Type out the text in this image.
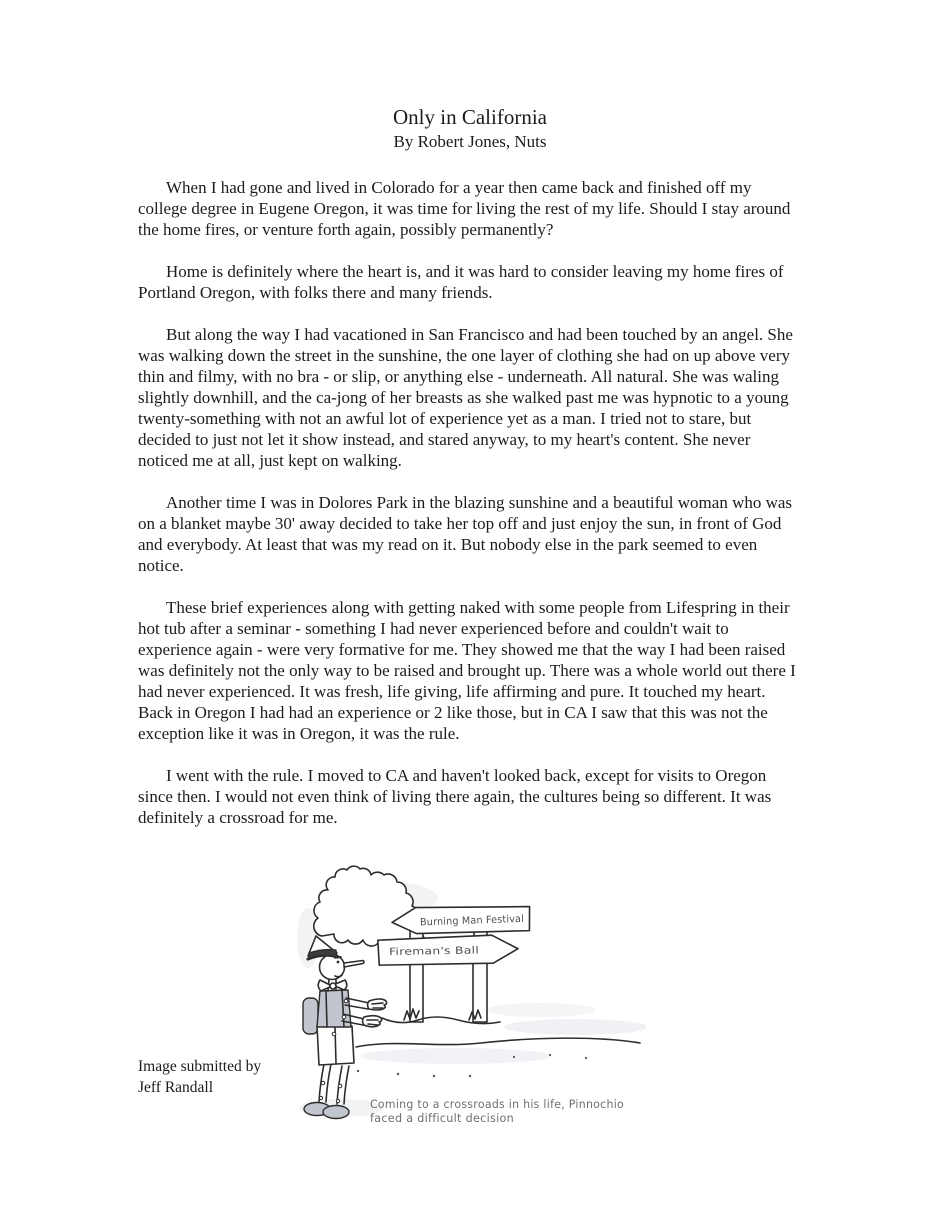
Only in California
By Robert Jones, Nuts

When I had gone and lived in Colorado for a year then came back and finished off my college degree in Eugene Oregon, it was time for living the rest of my life. Should I stay around the home fires, or venture forth again, possibly permanently?

Home is definitely where the heart is, and it was hard to consider leaving my home fires of Portland Oregon, with folks there and many friends.

But along the way I had vacationed in San Francisco and had been touched by an angel. She was walking down the street in the sunshine, the one layer of clothing she had on up above very thin and filmy, with no bra - or slip, or anything else - underneath. All natural. She was waling slightly downhill, and the ca-jong of her breasts as she walked past me was hypnotic to a young twenty-something with not an awful lot of experience yet as a man. I tried not to stare, but decided to just not let it show instead, and stared anyway, to my heart's content. She never noticed me at all, just kept on walking.

Another time I was in Dolores Park in the blazing sunshine and a beautiful woman who was on a blanket maybe 30' away decided to take her top off and just enjoy the sun, in front of God and everybody. At least that was my read on it. But nobody else in the park seemed to even notice.

These brief experiences along with getting naked with some people from Lifespring in their hot tub after a seminar - something I had never experienced before and couldn't wait to experience again - were very formative for me. They showed me that the way I had been raised was definitely not the only way to be raised and brought up. There was a whole world out there I had never experienced. It was fresh, life giving, life affirming and pure. It touched my heart. Back in Oregon I had had an experience or 2 like those, but in CA I saw that this was not the exception like it was in Oregon, it was the rule.

I went with the rule. I moved to CA and haven't looked back, except for visits to Oregon since then. I would not even think of living there again, the cultures being so different. It was definitely a crossroad for me.

Image submitted by
Jeff Randall
Burning Man Festival
Fireman's Ball
Coming to a crossroads in his life, Pinnochio
faced a difficult decision
